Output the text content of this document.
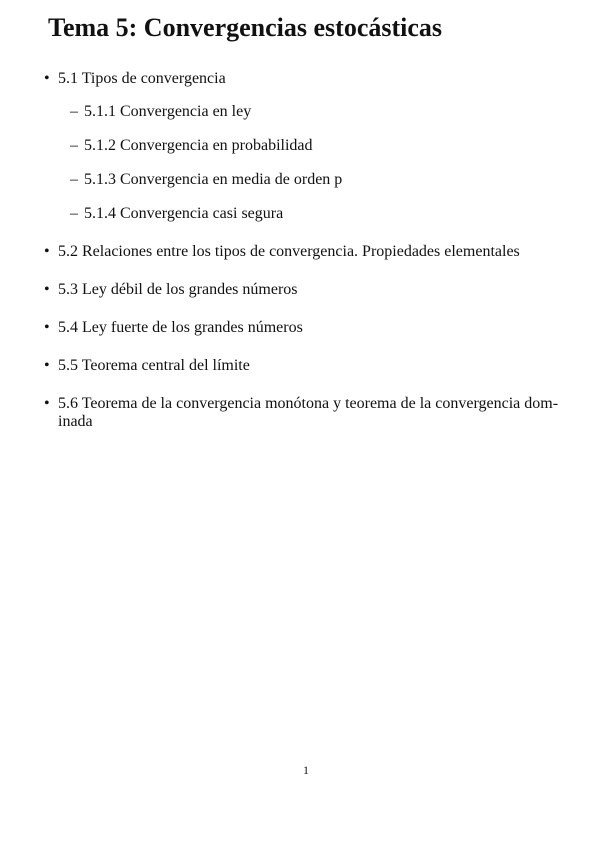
Tema 5: Convergencias estocásticas
• 5.1 Tipos de convergencia
– 5.1.1 Convergencia en ley
– 5.1.2 Convergencia en probabilidad
– 5.1.3 Convergencia en media de orden p
– 5.1.4 Convergencia casi segura
• 5.2 Relaciones entre los tipos de convergencia. Propiedades elementales
• 5.3 Ley débil de los grandes números
• 5.4 Ley fuerte de los grandes números
• 5.5 Teorema central del límite
• 5.6 Teorema de la convergencia monótona y teorema de la convergencia dom-inada
1
